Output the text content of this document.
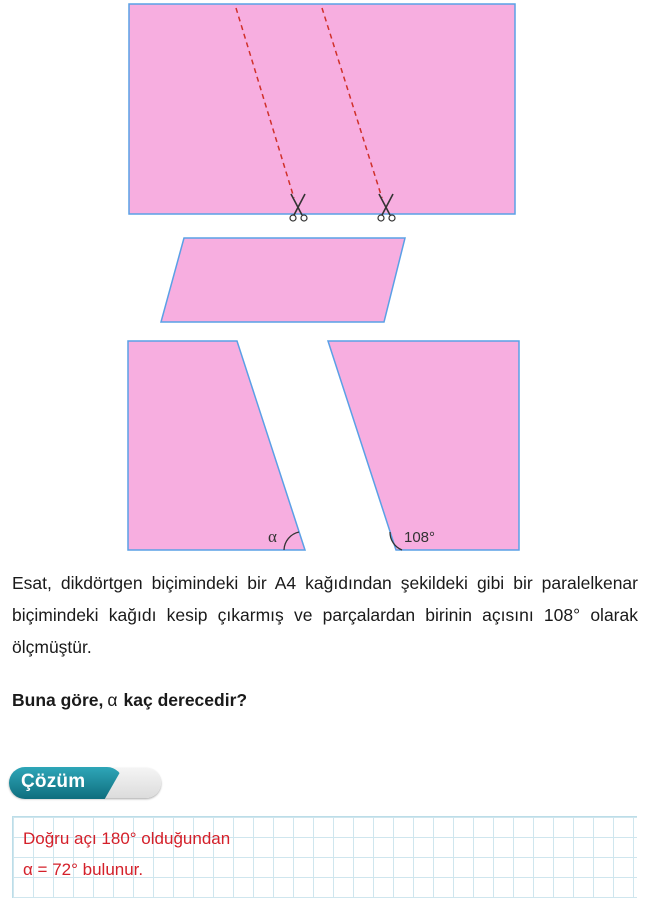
α	108°

Esat, dikdörtgen biçimindeki bir A4 kağıdından şekildeki gibi bir paralelkenar biçimindeki kağıdı kesip çıkarmış ve parçalardan birinin açısını 108° olarak ölçmüştür.

Buna göre, α kaç derecedir?

Çözüm

Doğru açı 180° olduğundan

α = 72° bulunur.
